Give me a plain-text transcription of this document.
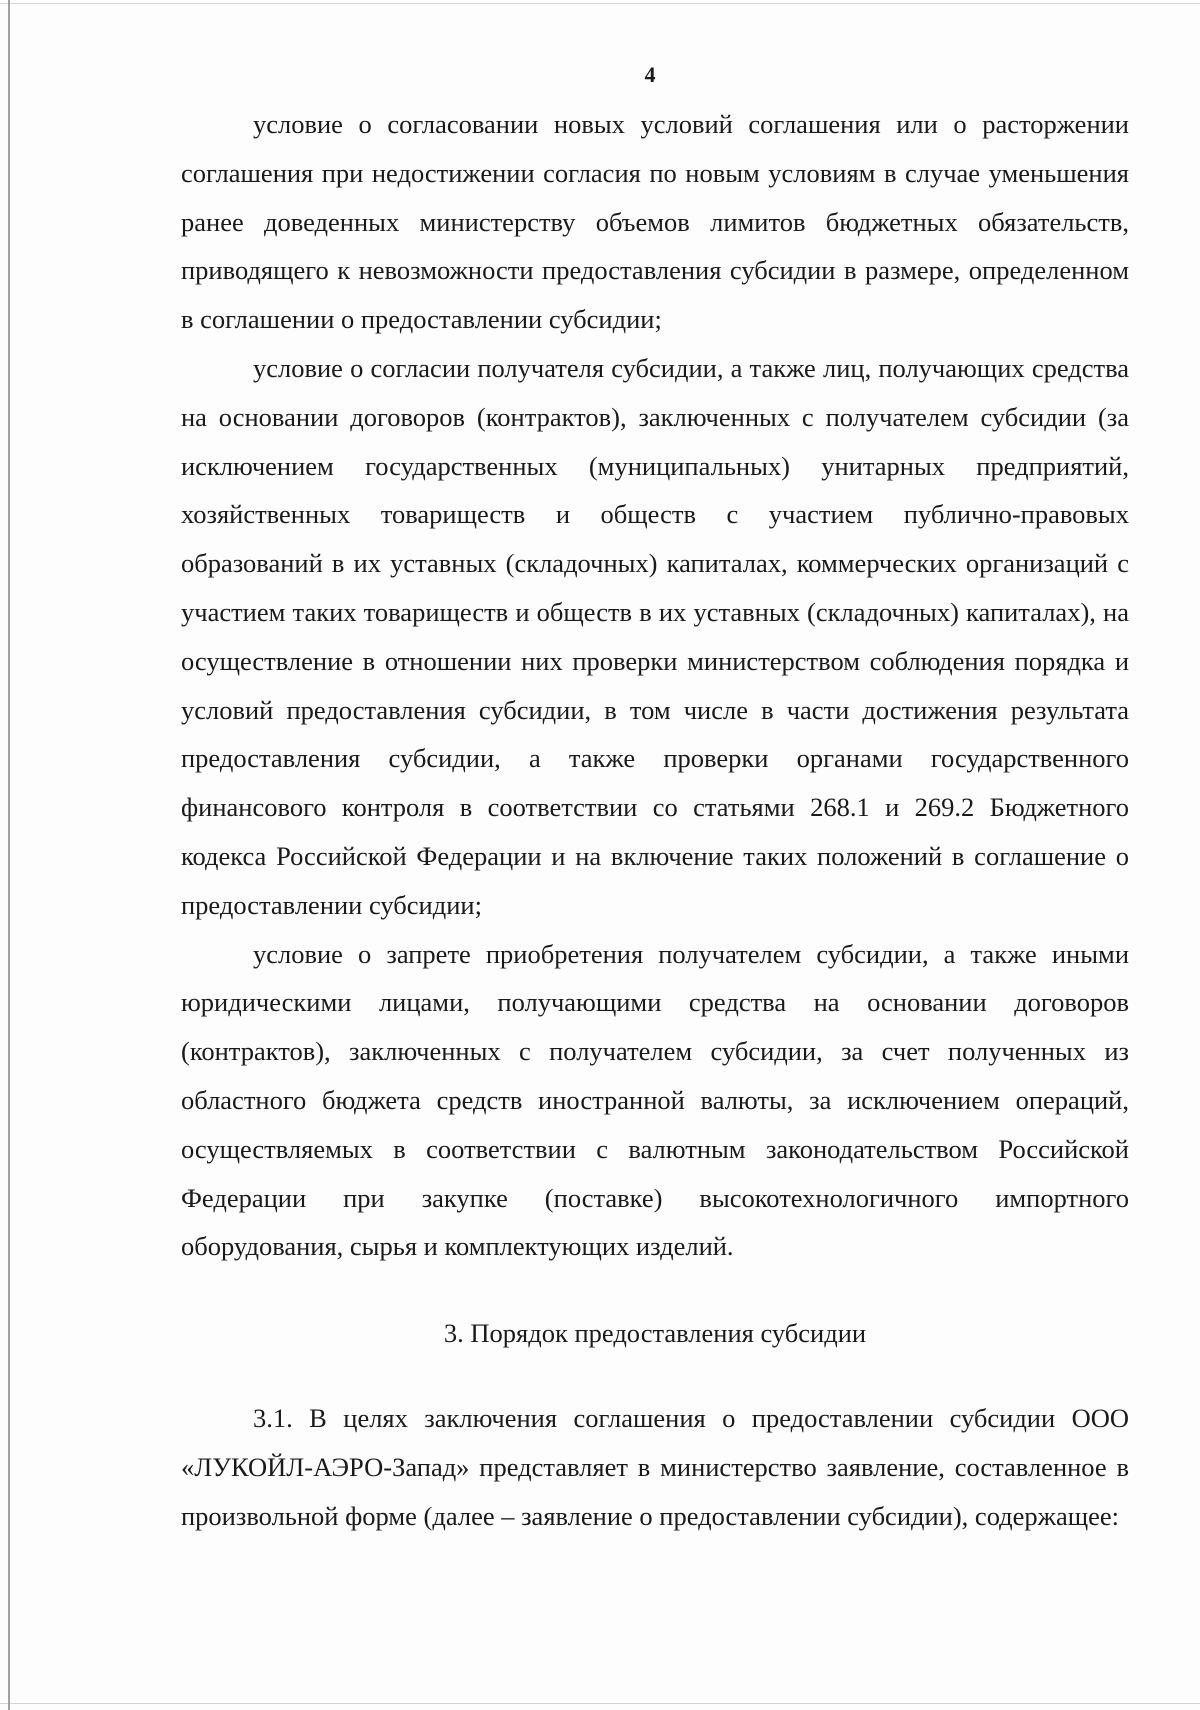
4

условие о согласовании новых условий соглашения или о расторжении соглашения при недостижении согласия по новым условиям в случае уменьшения ранее доведенных министерству объемов лимитов бюджетных обязательств, приводящего к невозможности предоставления субсидии в размере, определенном в соглашении о предоставлении субсидии;

условие о согласии получателя субсидии, а также лиц, получающих средства на основании договоров (контрактов), заключенных с получателем субсидии (за исключением государственных (муниципальных) унитарных предприятий, хозяйственных товариществ и обществ с участием публично-правовых образований в их уставных (складочных) капиталах, коммерческих организаций с участием таких товариществ и обществ в их уставных (складочных) капиталах), на осуществление в отношении них проверки министерством соблюдения порядка и условий предоставления субсидии, в том числе в части достижения результата предоставления субсидии, а также проверки органами государственного финансового контроля в соответствии со статьями 268.1 и 269.2 Бюджетного кодекса Российской Федерации и на включение таких положений в соглашение о предоставлении субсидии;

условие о запрете приобретения получателем субсидии, а также иными юридическими лицами, получающими средства на основании договоров (контрактов), заключенных с получателем субсидии, за счет полученных из областного бюджета средств иностранной валюты, за исключением операций, осуществляемых в соответствии с валютным законодательством Российской Федерации при закупке (поставке) высокотехнологичного импортного оборудования, сырья и комплектующих изделий.

3. Порядок предоставления субсидии

3.1. В целях заключения соглашения о предоставлении субсидии ООО «ЛУКОЙЛ-АЭРО-Запад» представляет в министерство заявление, составленное в произвольной форме (далее – заявление о предоставлении субсидии), содержащее:
